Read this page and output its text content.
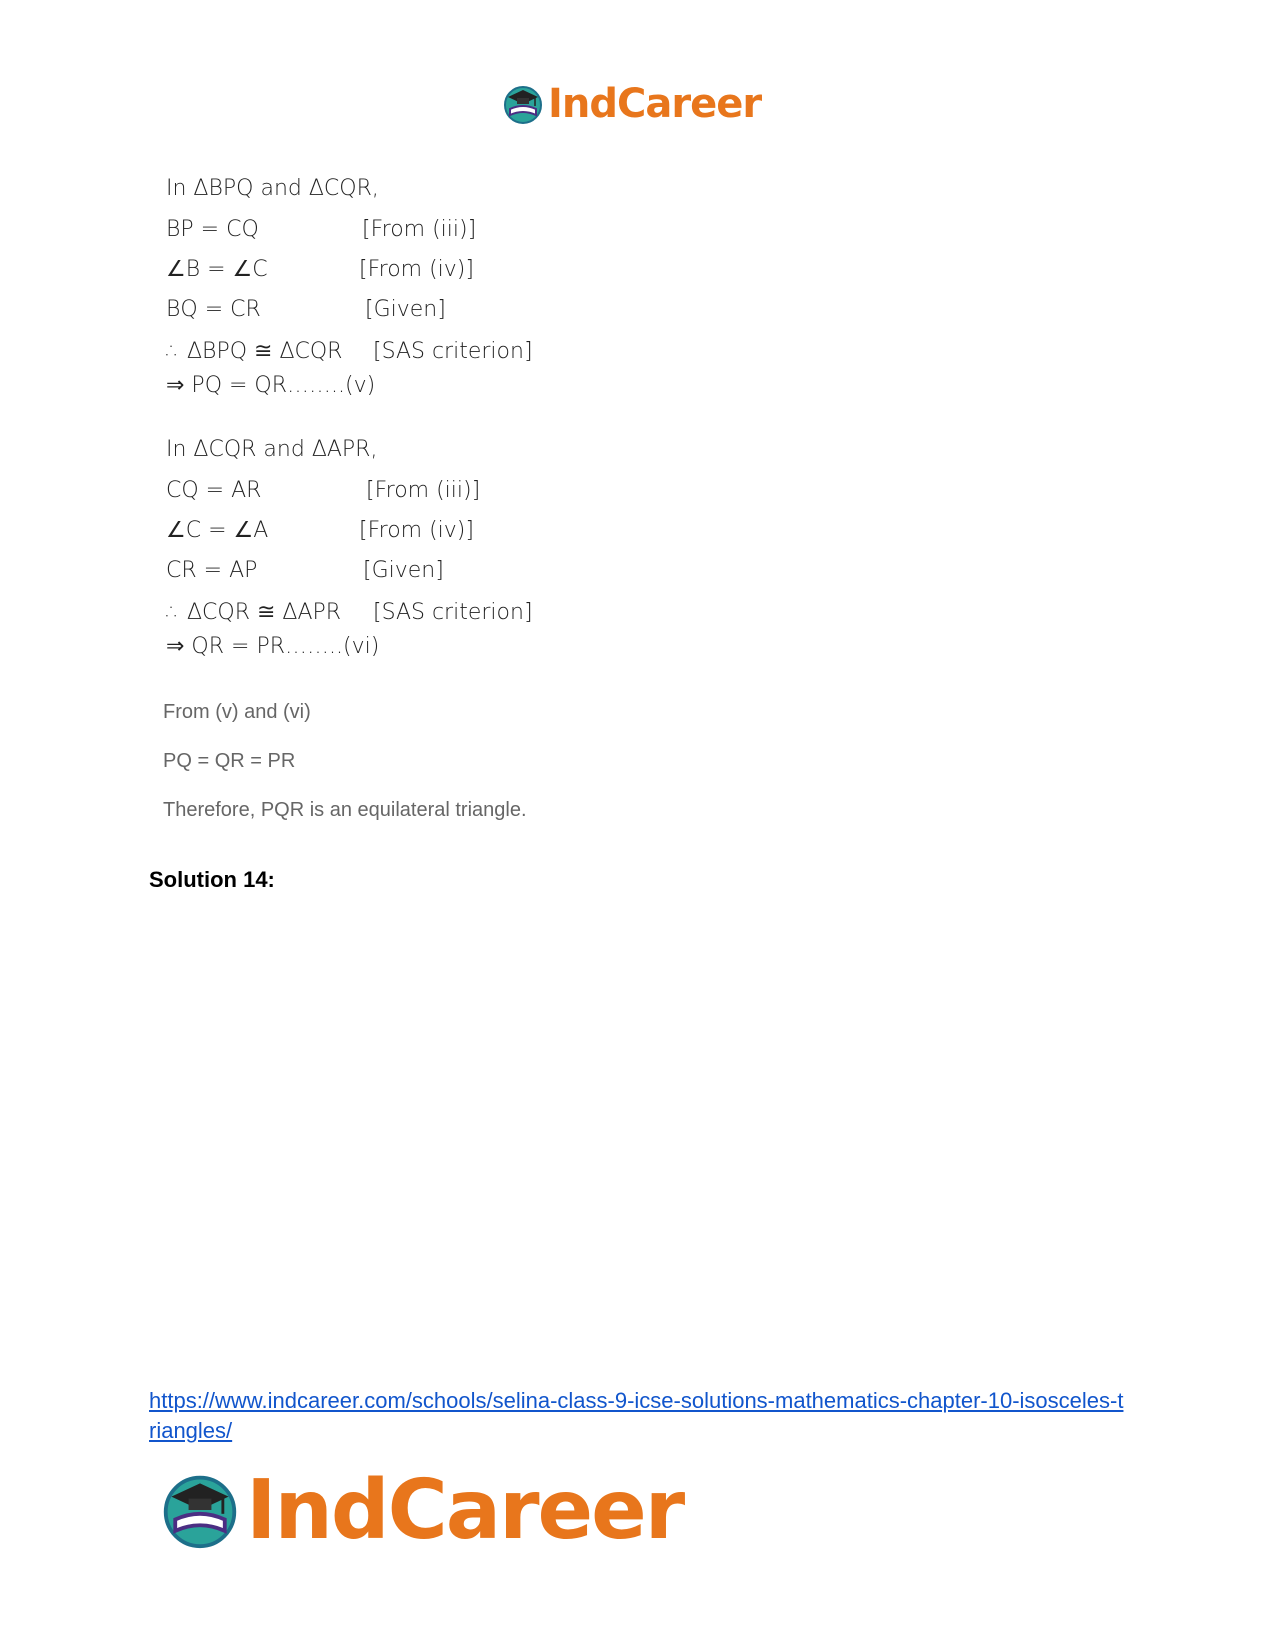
IndCareer
In ΔBPQ and ΔCQR,
BP = CQ	[From (iii)]
∠B = ∠C	[From (iv)]
BQ = CR	[Given]
∴ ΔBPQ ≅ ΔCQR [SAS criterion]
⇒ PQ = QR……..(v)
In ΔCQR and ΔAPR,
CQ = AR	[From (iii)]
∠C = ∠A	[From (iv)]
CR = AP	[Given]
∴ ΔCQR ≅ ΔAPR [SAS criterion]
⇒ QR = PR……..(vi)
From (v) and (vi)
PQ = QR = PR
Therefore, PQR is an equilateral triangle.
Solution 14:
https://www.indcareer.com/schools/selina-class-9-icse-solutions-mathematics-chapter-10-isosceles-triangles/
IndCareer
